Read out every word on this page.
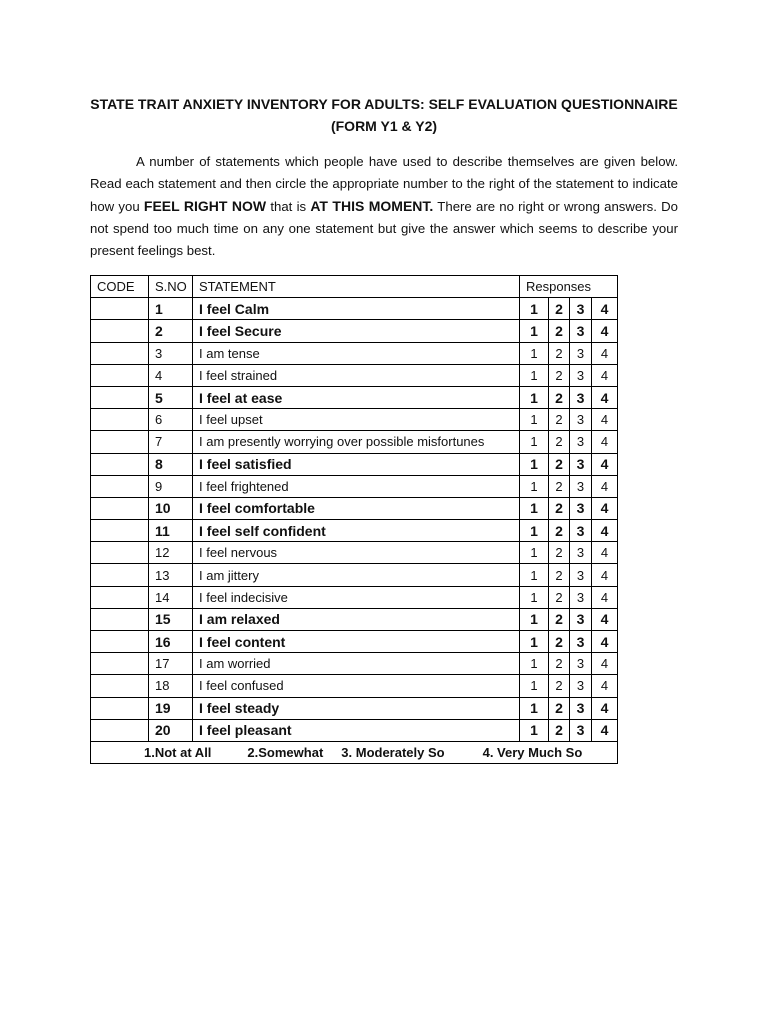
STATE TRAIT ANXIETY INVENTORY FOR ADULTS: SELF EVALUATION QUESTIONNAIRE
(FORM Y1 & Y2)
A number of statements which people have used to describe themselves are given below. Read each statement and then circle the appropriate number to the right of the statement to indicate how you FEEL RIGHT NOW that is AT THIS MOMENT. There are no right or wrong answers. Do not spend too much time on any one statement but give the answer which seems to describe your present feelings best.
CODE	S.NO	STATEMENT	Responses			
	1	I feel Calm	1	2	3	4
	2	I feel Secure	1	2	3	4
	3	I am tense	1	2	3	4
	4	I feel strained	1	2	3	4
	5	I feel at ease	1	2	3	4
	6	I feel upset	1	2	3	4
	7	I am presently worrying over possible misfortunes	1	2	3	4
	8	I feel satisfied	1	2	3	4
	9	I feel frightened	1	2	3	4
	10	I feel comfortable	1	2	3	4
	11	I feel self confident	1	2	3	4
	12	I feel nervous	1	2	3	4
	13	I am jittery	1	2	3	4
	14	I feel indecisive	1	2	3	4
	15	I am relaxed	1	2	3	4
	16	I feel content	1	2	3	4
	17	I am worried	1	2	3	4
	18	I feel confused	1	2	3	4
	19	I feel steady	1	2	3	4
	20	I feel pleasant	1	2	3	4
1.Not at All 2.Somewhat 3. Moderately So 4. Very Much So						
